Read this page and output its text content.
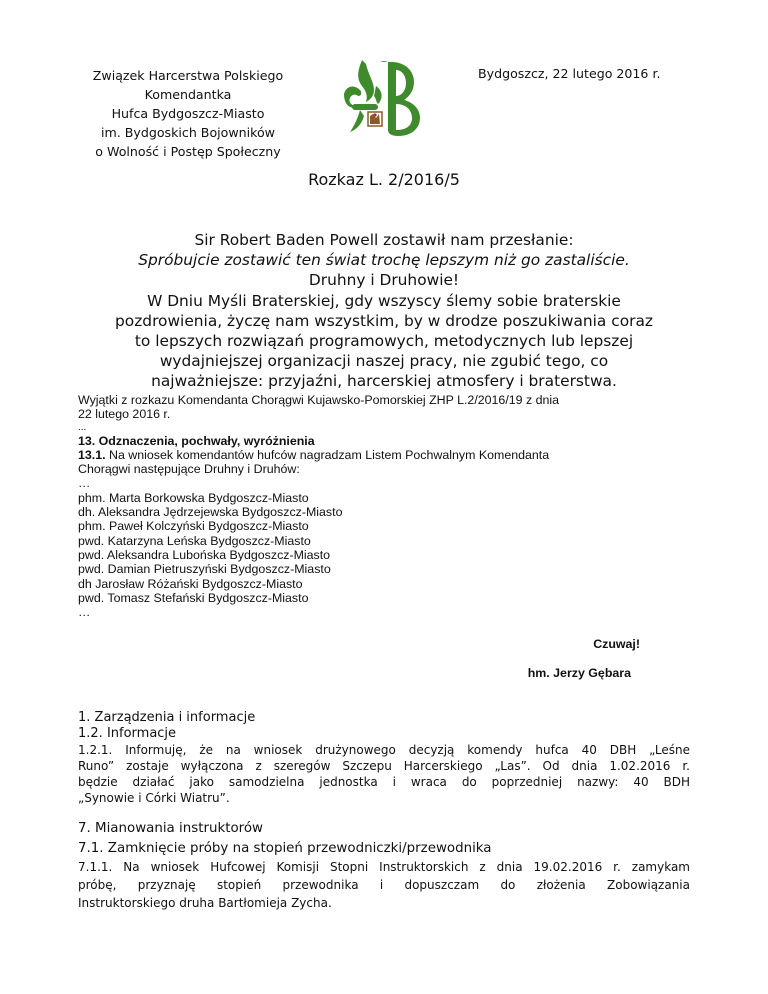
Związek Harcerstwa Polskiego
Komendantka
Hufca Bydgoszcz-Miasto
im. Bydgoskich Bojowników
o Wolność i Postęp Społeczny
Bydgoszcz, 22 lutego 2016 r.
Rozkaz L. 2/2016/5
Sir Robert Baden Powell zostawił nam przesłanie:
Spróbujcie zostawić ten świat trochę lepszym niż go zastaliście.
Druhny i Druhowie!
W Dniu Myśli Braterskiej, gdy wszyscy ślemy sobie braterskie
pozdrowienia, życzę nam wszystkim, by w drodze poszukiwania coraz
to lepszych rozwiązań programowych, metodycznych lub lepszej
wydajniejszej organizacji naszej pracy, nie zgubić tego, co
najważniejsze: przyjaźni, harcerskiej atmosfery i braterstwa.
Wyjątki z rozkazu Komendanta Chorągwi Kujawsko-Pomorskiej ZHP L.2/2016/19 z dnia
22 lutego 2016 r.
...
13. Odznaczenia, pochwały, wyróżnienia
13.1. Na wniosek komendantów hufców nagradzam Listem Pochwalnym Komendanta
Chorągwi następujące Druhny i Druhów:
…
phm. Marta Borkowska Bydgoszcz-Miasto
dh. Aleksandra Jędrzejewska Bydgoszcz-Miasto
phm. Paweł Kolczyński Bydgoszcz-Miasto
pwd. Katarzyna Leńska Bydgoszcz-Miasto
pwd. Aleksandra Lubońska Bydgoszcz-Miasto
pwd. Damian Pietruszyński Bydgoszcz-Miasto
dh Jarosław Różański Bydgoszcz-Miasto
pwd. Tomasz Stefański Bydgoszcz-Miasto
…
Czuwaj!
hm. Jerzy Gębara
1. Zarządzenia i informacje
1.2. Informacje
1.2.1. Informuję, że na wniosek drużynowego decyzją komendy hufca 40 DBH „Leśne
Runo” zostaje wyłączona z szeregów Szczepu Harcerskiego „Las”. Od dnia 1.02.2016 r.
będzie działać jako samodzielna jednostka i wraca do poprzedniej nazwy: 40 BDH
„Synowie i Córki Wiatru”.
7. Mianowania instruktorów
7.1. Zamknięcie próby na stopień przewodniczki/przewodnika
7.1.1. Na wniosek Hufcowej Komisji Stopni Instruktorskich z dnia 19.02.2016 r. zamykam
próbę, przyznaję stopień przewodnika i dopuszczam do złożenia Zobowiązania
Instruktorskiego druha Bartłomieja Zycha.
